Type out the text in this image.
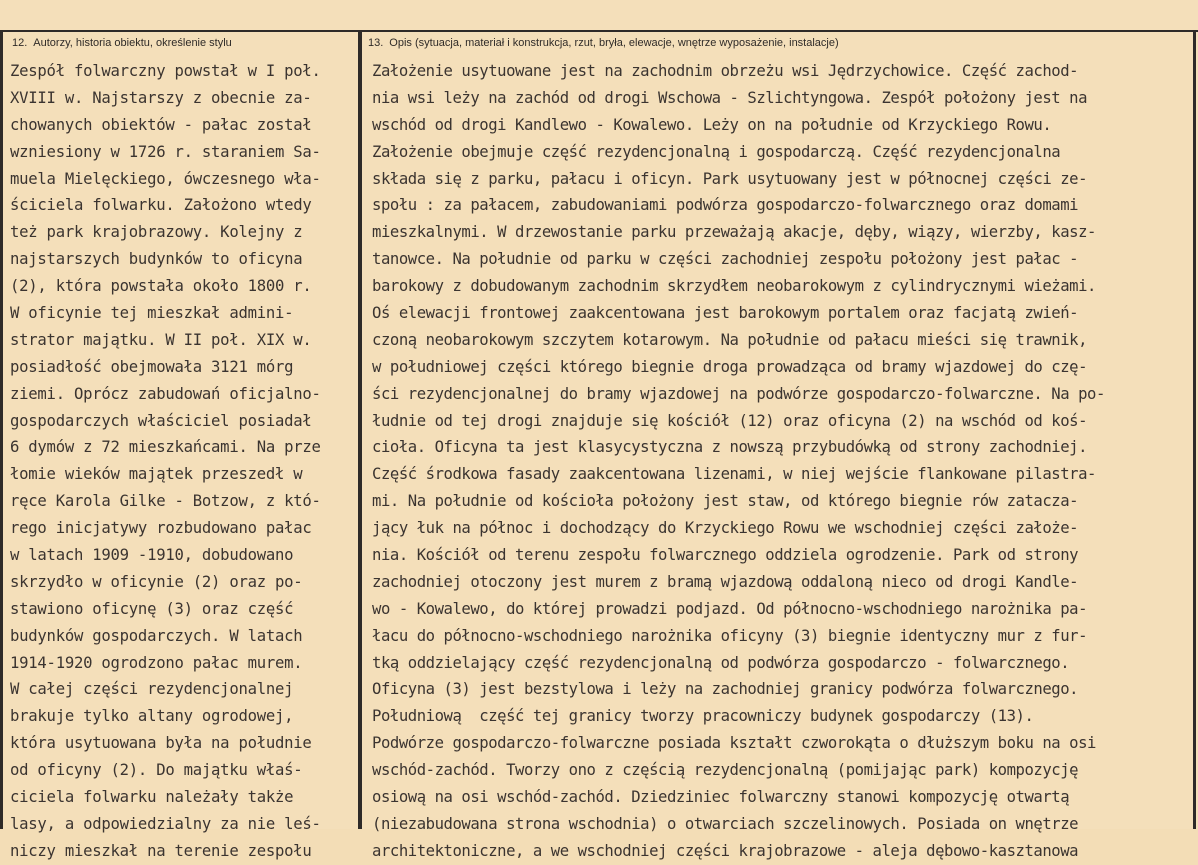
12. Autorzy, historia obiektu, określenie stylu	13. Opis (sytuacja, materiał i konstrukcja, rzut, bryła, elewacje, wnętrze wyposażenie, instalacje)
Zespół folwarczny powstał w I poł.
XVIII w. Najstarszy z obecnie za-
chowanych obiektów - pałac został
wzniesiony w 1726 r. staraniem Sa-
muela Mielęckiego, ówczesnego wła-
ściciela folwarku. Założono wtedy
też park krajobrazowy. Kolejny z
najstarszych budynków to oficyna
(2), która powstała około 1800 r.
W oficynie tej mieszkał admini-
strator majątku. W II poł. XIX w.
posiadłość obejmowała 3121 mórg
ziemi. Oprócz zabudowań oficjalno-
gospodarczych właściciel posiadał
6 dymów z 72 mieszkańcami. Na prze
łomie wieków majątek przeszedł w
ręce Karola Gilke - Botzow, z któ-
rego inicjatywy rozbudowano pałac
w latach 1909 -1910, dobudowano
skrzydło w oficynie (2) oraz po-
stawiono oficynę (3) oraz część
budynków gospodarczych. W latach
1914-1920 ogrodzono pałac murem.
W całej części rezydencjonalnej
brakuje tylko altany ogrodowej,
która usytuowana była na południe
od oficyny (2). Do majątku właś-
ciciela folwarku należały także
lasy, a odpowiedzialny za nie leś-
niczy mieszkał na terenie zespołu
Założenie usytuowane jest na zachodnim obrzeżu wsi Jędrzychowice. Część zachod-
nia wsi leży na zachód od drogi Wschowa - Szlichtyngowa. Zespół położony jest na
wschód od drogi Kandlewo - Kowalewo. Leży on na południe od Krzyckiego Rowu.
Założenie obejmuje część rezydencjonalną i gospodarczą. Część rezydencjonalna
składa się z parku, pałacu i oficyn. Park usytuowany jest w północnej części ze-
społu : za pałacem, zabudowaniami podwórza gospodarczo-folwarcznego oraz domami
mieszkalnymi. W drzewostanie parku przeważają akacje, dęby, wiązy, wierzby, kasz-
tanowce. Na południe od parku w części zachodniej zespołu położony jest pałac -
barokowy z dobudowanym zachodnim skrzydłem neobarokowym z cylindrycznymi wieżami.
Oś elewacji frontowej zaakcentowana jest barokowym portalem oraz facjatą zwień-
czoną neobarokowym szczytem kotarowym. Na południe od pałacu mieści się trawnik,
w południowej części którego biegnie droga prowadząca od bramy wjazdowej do czę-
ści rezydencjonalnej do bramy wjazdowej na podwórze gospodarczo-folwarczne. Na po-
łudnie od tej drogi znajduje się kościół (12) oraz oficyna (2) na wschód od koś-
cioła. Oficyna ta jest klasycystyczna z nowszą przybudówką od strony zachodniej.
Część środkowa fasady zaakcentowana lizenami, w niej wejście flankowane pilastra-
mi. Na południe od kościoła położony jest staw, od którego biegnie rów zatacza-
jący łuk na północ i dochodzący do Krzyckiego Rowu we wschodniej części założe-
nia. Kościół od terenu zespołu folwarcznego oddziela ogrodzenie. Park od strony
zachodniej otoczony jest murem z bramą wjazdową oddaloną nieco od drogi Kandle-
wo - Kowalewo, do której prowadzi podjazd. Od północno-wschodniego narożnika pa-
łacu do północno-wschodniego narożnika oficyny (3) biegnie identyczny mur z fur-
tką oddzielający część rezydencjonalną od podwórza gospodarczo - folwarcznego.
Oficyna (3) jest bezstylowa i leży na zachodniej granicy podwórza folwarcznego.
Południową  część tej granicy tworzy pracowniczy budynek gospodarczy (13).
Podwórze gospodarczo-folwarczne posiada kształt czworokąta o dłuższym boku na osi
wschód-zachód. Tworzy ono z częścią rezydencjonalną (pomijając park) kompozycję
osiową na osi wschód-zachód. Dziedziniec folwarczny stanowi kompozycję otwartą
(niezabudowana strona wschodnia) o otwarciach szczelinowych. Posiada on wnętrze
architektoniczne, a we wschodniej części krajobrazowe - aleja dębowo-kasztanowa
